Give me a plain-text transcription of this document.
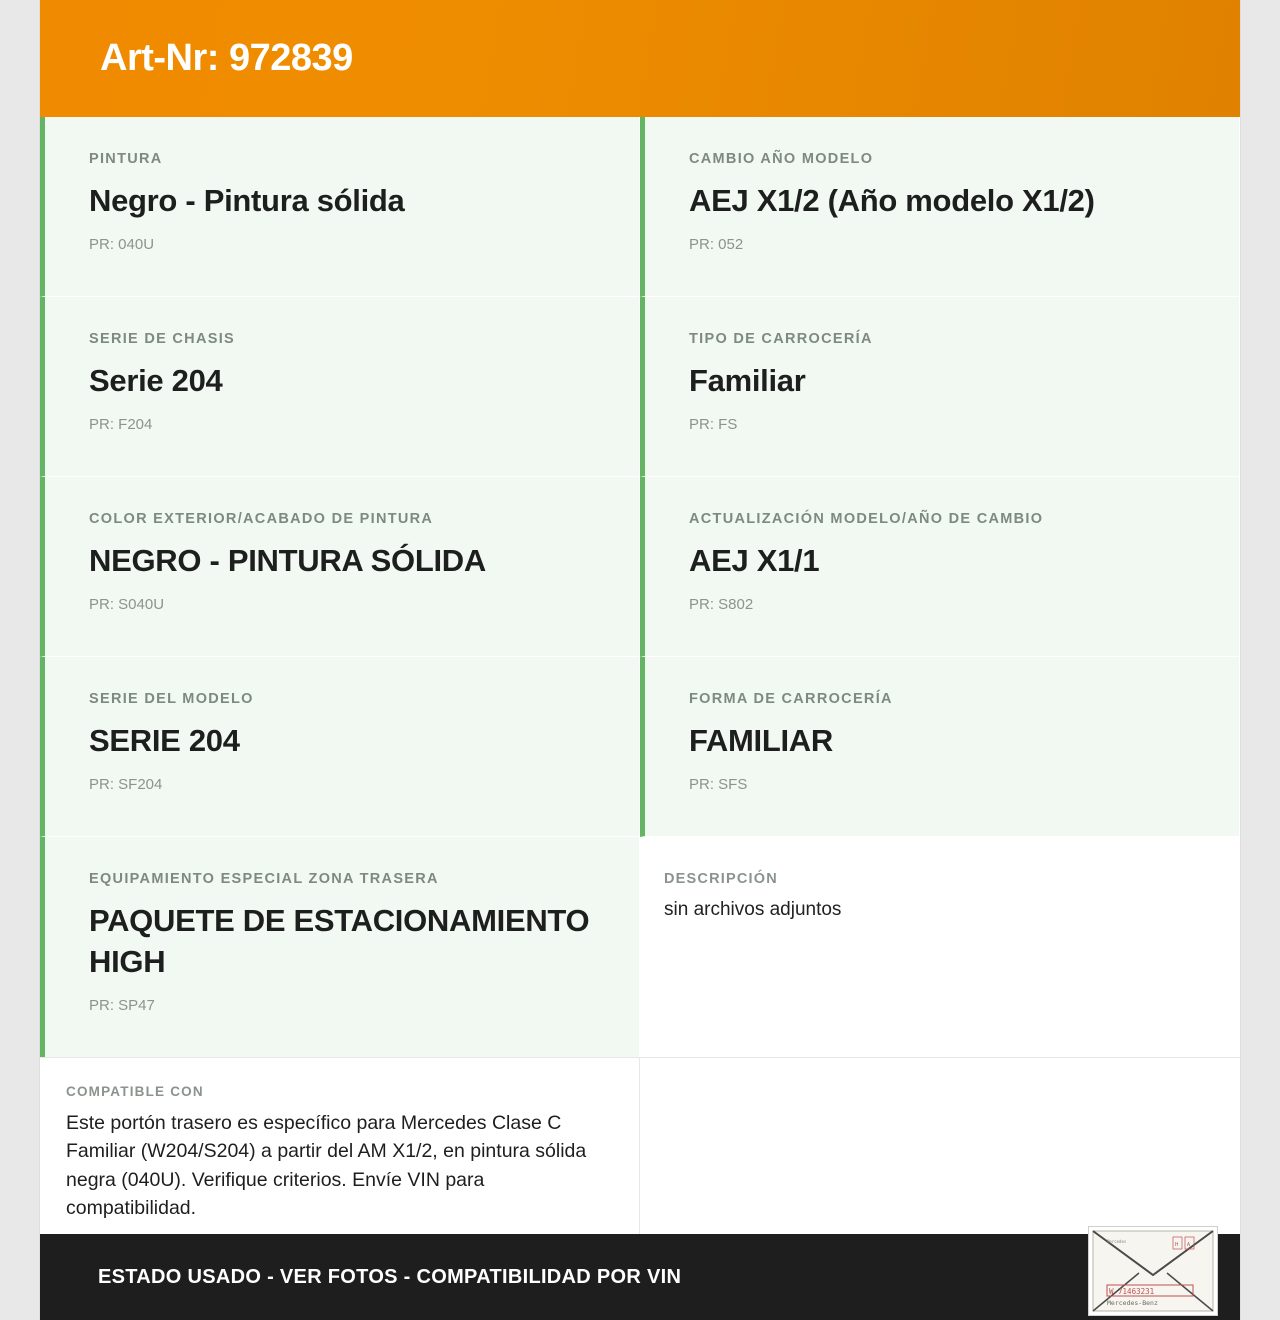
Art-Nr: 972839
PINTURA
Negro - Pintura sólida
PR: 040U
CAMBIO AÑO MODELO
AEJ X1/2 (Año modelo X1/2)
PR: 052
SERIE DE CHASIS
Serie 204
PR: F204
TIPO DE CARROCERÍA
Familiar
PR: FS
COLOR EXTERIOR/ACABADO DE PINTURA
NEGRO - PINTURA SÓLIDA
PR: S040U
ACTUALIZACIÓN MODELO/AÑO DE CAMBIO
AEJ X1/1
PR: S802
SERIE DEL MODELO
SERIE 204
PR: SF204
FORMA DE CARROCERÍA
FAMILIAR
PR: SFS
EQUIPAMIENTO ESPECIAL ZONA TRASERA
PAQUETE DE ESTACIONAMIENTO HIGH
PR: SP47
DESCRIPCIÓN
sin archivos adjuntos
COMPATIBLE CON
Este portón trasero es específico para Mercedes Clase C Familiar (W204/S204) a partir del AM X1/2, en pintura sólida negra (040U). Verifique criterios. Envíe VIN para compatibilidad.
ESTADO USADO - VER FOTOS - COMPATIBILIDAD POR VIN
Mercedes
H A
W 71463231
Mercedes-Benz
